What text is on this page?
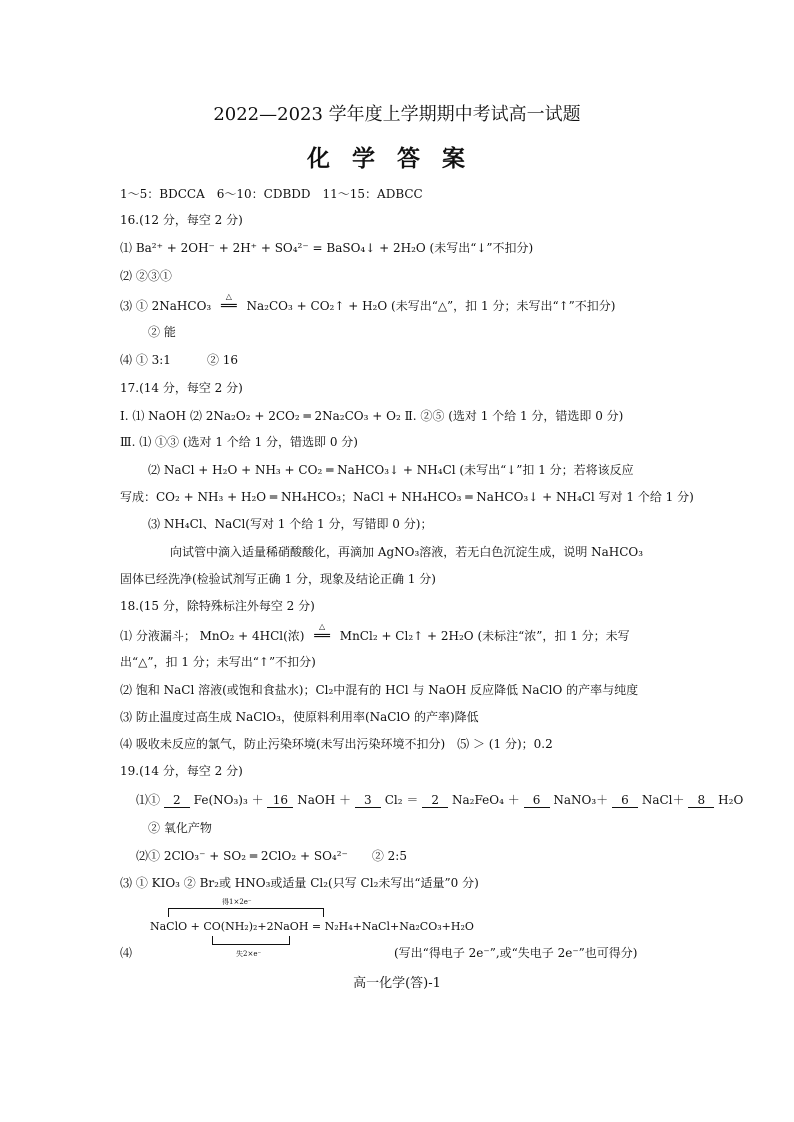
2022—2023 学年度上学期期中考试高一试题
化学答案
1～5：BDCCA　6～10：CDBDD　11～15：ADBCC
16.(12 分，每空 2 分)
⑴ Ba²⁺ + 2OH⁻ + 2H⁺ + SO₄²⁻ = BaSO₄↓ + 2H₂O (未写出“↓”不扣分)
⑵ ②③①
⑶ ① 2NaHCO₃
△
══ Na₂CO₃ + CO₂↑ + H₂O (未写出“△”，扣 1 分；未写出“↑”不扣分)
② 能
⑷ ① 3:1　　　② 16
17.(14 分，每空 2 分)
Ⅰ. ⑴ NaOH ⑵ 2Na₂O₂ + 2CO₂ ═ 2Na₂CO₃ + O₂ Ⅱ. ②⑤ (选对 1 个给 1 分，错选即 0 分)
Ⅲ. ⑴ ①③ (选对 1 个给 1 分，错选即 0 分)
⑵ NaCl + H₂O + NH₃ + CO₂ ═ NaHCO₃↓ + NH₄Cl (未写出“↓”扣 1 分；若将该反应
写成：CO₂ + NH₃ + H₂O ═ NH₄HCO₃；NaCl + NH₄HCO₃ ═ NaHCO₃↓ + NH₄Cl 写对 1 个给 1 分)
⑶ NH₄Cl、NaCl(写对 1 个给 1 分，写错即 0 分)；
向试管中滴入适量稀硝酸酸化，再滴加 AgNO₃溶液，若无白色沉淀生成，说明 NaHCO₃
固体已经洗净(检验试剂写正确 1 分，现象及结论正确 1 分)
18.(15 分，除特殊标注外每空 2 分)
⑴ 分液漏斗； MnO₂ + 4HCl(浓)
△
══ MnCl₂ + Cl₂↑ + 2H₂O (未标注“浓”，扣 1 分；未写
出“△”，扣 1 分；未写出“↑”不扣分)
⑵ 饱和 NaCl 溶液(或饱和食盐水)；Cl₂中混有的 HCl 与 NaOH 反应降低 NaClO 的产率与纯度
⑶ 防止温度过高生成 NaClO₃，使原料利用率(NaClO 的产率)降低
⑷ 吸收未反应的氯气，防止污染环境(未写出污染环境不扣分)　⑸ ＞ (1 分)；0.2
19.(14 分，每空 2 分)
⑴① 2 Fe(NO₃)₃ ＋ 16 NaOH ＋ 3 Cl₂ ＝ 2 Na₂FeO₄ ＋ 6 NaNO₃＋ 6 NaCl＋ 8 H₂O
② 氧化产物
⑵① 2ClO₃⁻ + SO₂ ═ 2ClO₂ + SO₄²⁻　　② 2:5
⑶ ① KIO₃ ② Br₂或 HNO₃或适量 Cl₂(只写 Cl₂未写出“适量”0 分)
得1×2e⁻
NaClO + CO(NH₂)₂+2NaOH = N₂H₄+NaCl+Na₂CO₃+H₂O
失2×e⁻
⑷	(写出“得电子 2e⁻”,或“失电子 2e⁻”也可得分)
高一化学(答)-1
